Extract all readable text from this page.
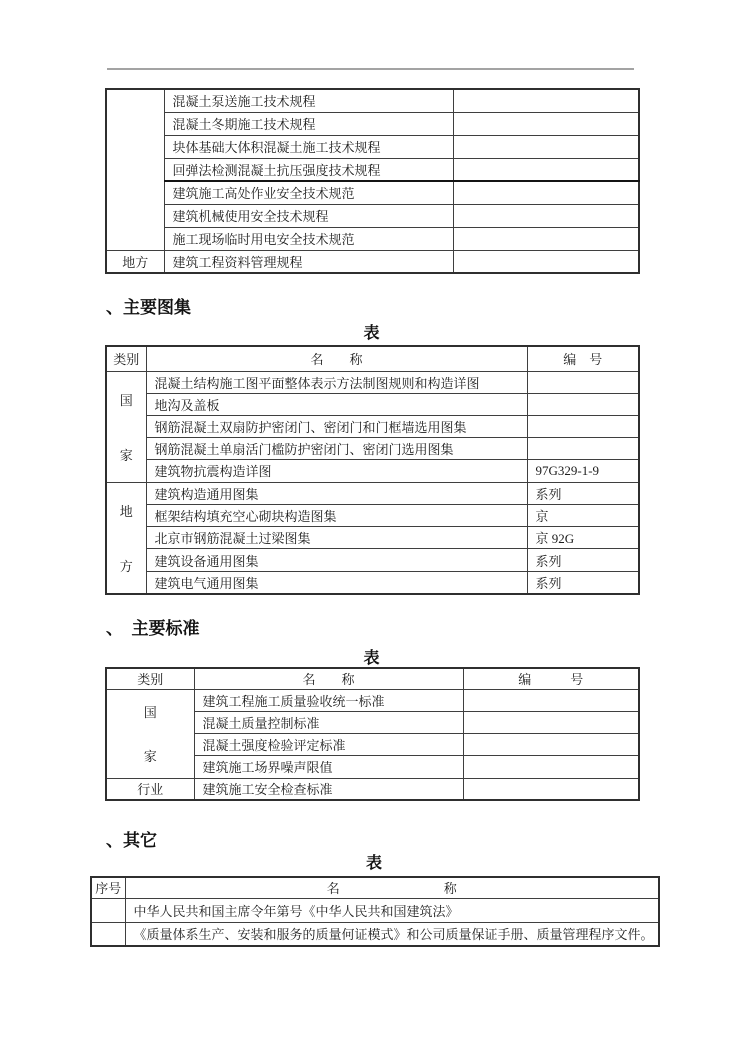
	混凝土泵送施工技术规程	
	混凝土冬期施工技术规程	
	块体基础大体积混凝土施工技术规程	
	回弹法检测混凝土抗压强度技术规程	
	建筑施工高处作业安全技术规范	
	建筑机械使用安全技术规程	
	施工现场临时用电安全技术规范	
地方	建筑工程资料管理规程	
、主要图集
表
类别	名　　称	编　号

国
家	混凝土结构施工图平面整体表示方法制图规则和构造详图	
	地沟及盖板	
	钢筋混凝土双扇防护密闭门、密闭门和门框墙选用图集	
	钢筋混凝土单扇活门槛防护密闭门、密闭门选用图集	
	建筑物抗震构造详图	97G329-1-9

地
方	建筑构造通用图集	系列
	框架结构填充空心砌块构造图集	京
	北京市钢筋混凝土过梁图集	京 92G
	建筑设备通用图集	系列
	建筑电气通用图集	系列
、　主要标准
表
类别	名　　称	编　　　号

国
家	建筑工程施工质量验收统一标准	
	混凝土质量控制标准	
	混凝土强度检验评定标准	
	建筑施工场界噪声限值	
行业	建筑施工安全检查标准	
、其它
表
序号	名　　　　　　　　称
	中华人民共和国主席令年第号《中华人民共和国建筑法》
	《质量体系生产、安装和服务的质量何证模式》和公司质量保证手册、质量管理程序文件。
